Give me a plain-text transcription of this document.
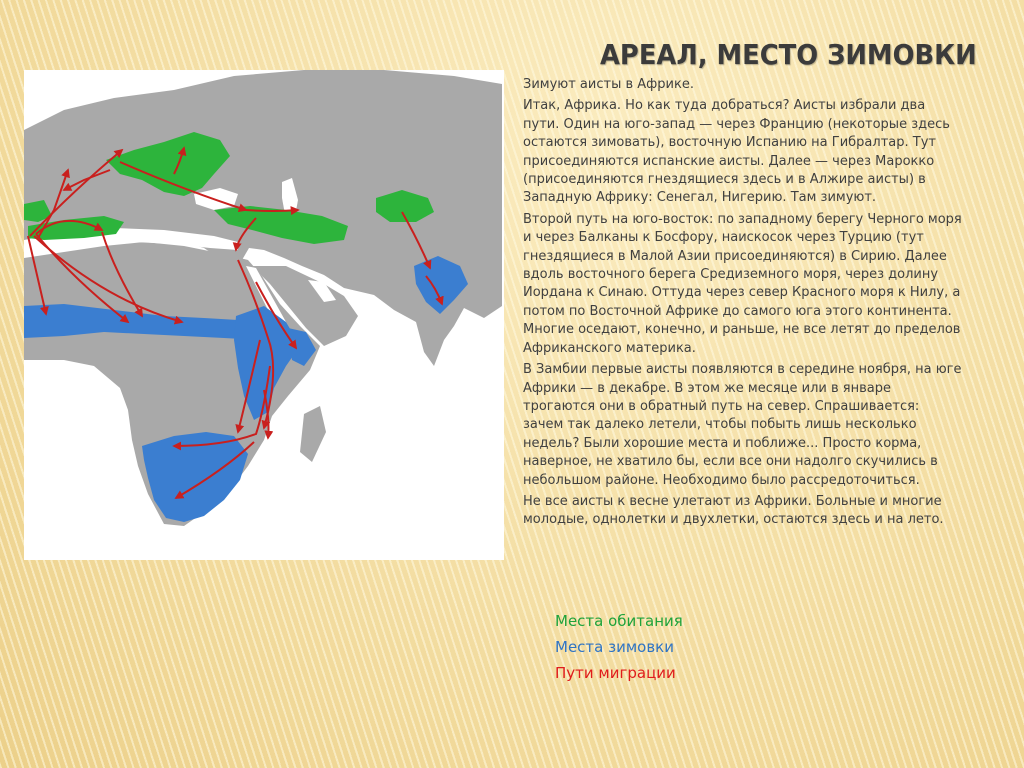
АРЕАЛ, МЕСТО ЗИМОВКИ

Зимуют аисты в Африке.

Итак, Африка. Но как туда добраться? Аисты избрали два пути. Один на юго-запад — через Францию (некоторые здесь остаются зимовать), восточную Испанию на Гибралтар. Тут присоединяются испанские аисты. Далее — через Марокко (присоединяются гнездящиеся здесь и в Алжире аисты) в Западную Африку: Сенегал, Нигерию. Там зимуют.

Второй путь на юго-восток: по западному берегу Черного моря и через Балканы к Босфору, наискосок через Турцию (тут гнездящиеся в Малой Азии присоединяются) в Сирию. Далее вдоль восточного берега Средиземного моря, через долину Иордана к Синаю. Оттуда через север Красного моря к Нилу, а потом по Восточной Африке до самого юга этого континента. Многие оседают, конечно, и раньше, не все летят до пределов Африканского материка.

В Замбии первые аисты появляются в середине ноября, на юге Африки — в декабре. В этом же месяце или в январе трогаются они в обратный путь на север. Спрашивается: зачем так далеко летели, чтобы побыть лишь несколько недель? Были хорошие места и поближе... Просто корма, наверное, не хватило бы, если все они надолго скучились в небольшом районе. Необходимо было рассредоточиться.

Не все аисты к весне улетают из Африки. Больные и многие молодые, однолетки и двухлетки, остаются здесь и на лето.

Места обитания
Места зимовки
Пути миграции
